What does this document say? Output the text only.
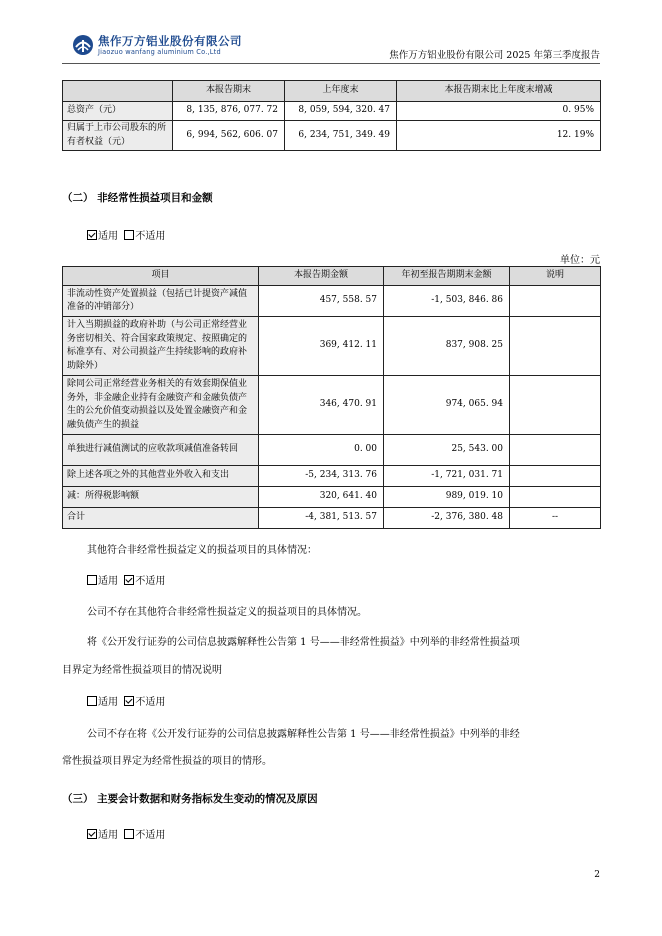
焦作万方铝业股份有限公司
Jiaozuo wanfang aluminium Co.,Ltd	焦作万方铝业股份有限公司 2025 年第三季度报告
	本报告期末	上年度末	本报告期末比上年度末增减
总资产（元）	8, 135, 876, 077. 72	8, 059, 594, 320. 47	0. 95%
归属于上市公司股东的所有者权益（元）	6, 994, 562, 606. 07	6, 234, 751, 349. 49	12. 19%
（二） 非经常性损益项目和金额
适用 不适用
单位：元
项目	本报告期金额	年初至报告期期末金额	说明
非流动性资产处置损益（包括已计提资产减值准备的冲销部分）	457, 558. 57	-1, 503, 846. 86	
计入当期损益的政府补助（与公司正常经营业务密切相关、符合国家政策规定、按照确定的标准享有、对公司损益产生持续影响的政府补助除外）	369, 412. 11	837, 908. 25	
除同公司正常经营业务相关的有效套期保值业务外，非金融企业持有金融资产和金融负债产生的公允价值变动损益以及处置金融资产和金融负债产生的损益	346, 470. 91	974, 065. 94	
单独进行减值测试的应收款项减值准备转回	0. 00	25, 543. 00	
除上述各项之外的其他营业外收入和支出	-5, 234, 313. 76	-1, 721, 031. 71	
减：所得税影响额	320, 641. 40	989, 019. 10	
合计	-4, 381, 513. 57	-2, 376, 380. 48	--
其他符合非经常性损益定义的损益项目的具体情况：
适用 不适用
公司不存在其他符合非经常性损益定义的损益项目的具体情况。
将《公开发行证券的公司信息披露解释性公告第 1 号——非经常性损益》中列举的非经常性损益项
目界定为经常性损益项目的情况说明
适用 不适用
公司不存在将《公开发行证券的公司信息披露解释性公告第 1 号——非经常性损益》中列举的非经
常性损益项目界定为经常性损益的项目的情形。
（三） 主要会计数据和财务指标发生变动的情况及原因
适用 不适用
2
